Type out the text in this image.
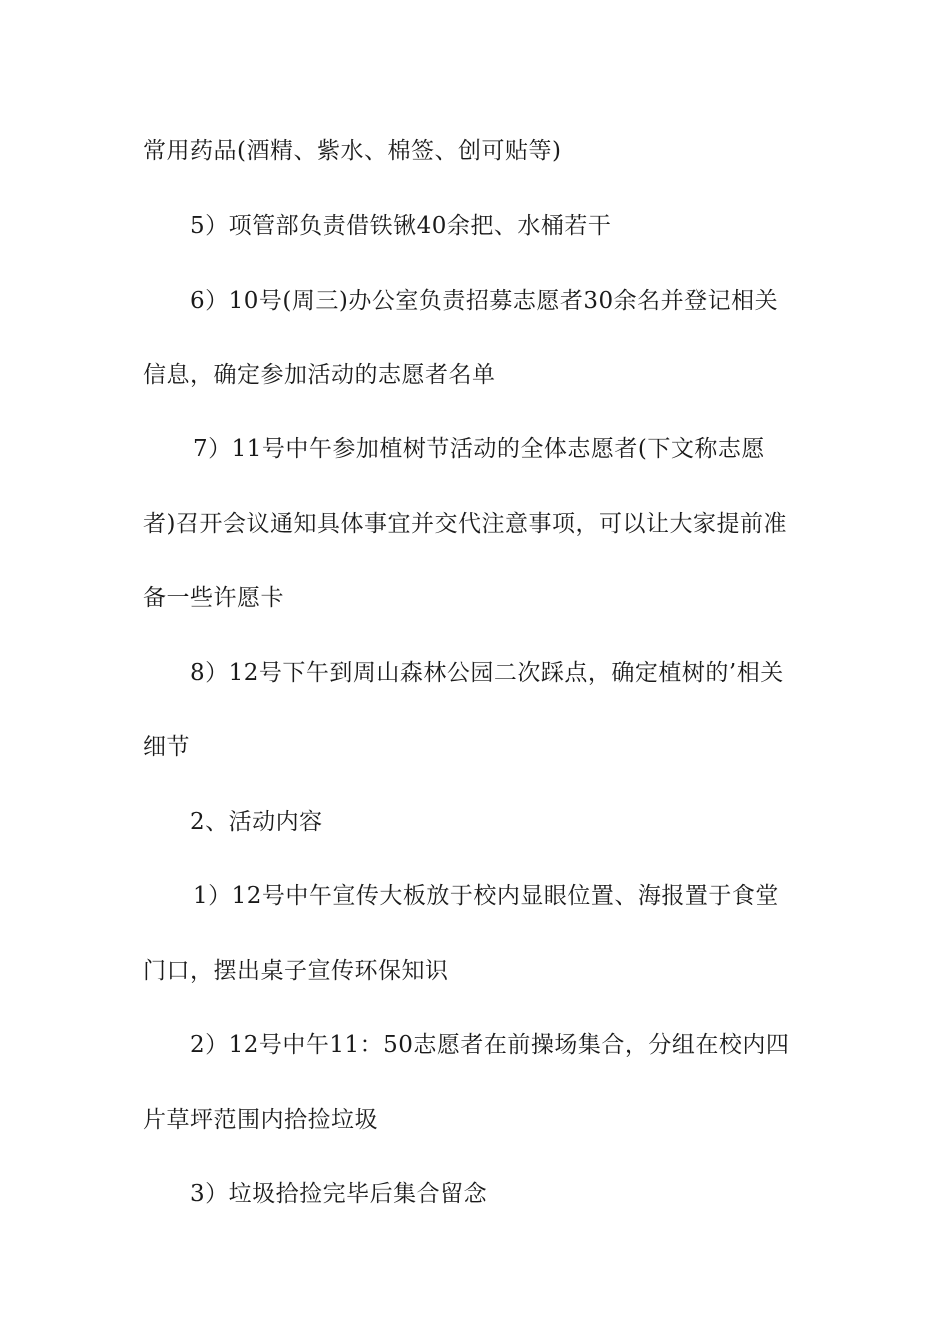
常用药品(酒精、紫水、棉签、创可贴等)
5）项管部负责借铁锹40余把、水桶若干
6）10号(周三)办公室负责招募志愿者30余名并登记相关
信息，确定参加活动的志愿者名单
7）11号中午参加植树节活动的全体志愿者(下文称志愿
者)召开会议通知具体事宜并交代注意事项，可以让大家提前准
备一些许愿卡
8）12号下午到周山森林公园二次踩点，确定植树的’相关
细节
2、活动内容
1）12号中午宣传大板放于校内显眼位置、海报置于食堂
门口，摆出桌子宣传环保知识
2）12号中午11：50志愿者在前操场集合，分组在校内四
片草坪范围内拾捡垃圾
3）垃圾拾捡完毕后集合留念
